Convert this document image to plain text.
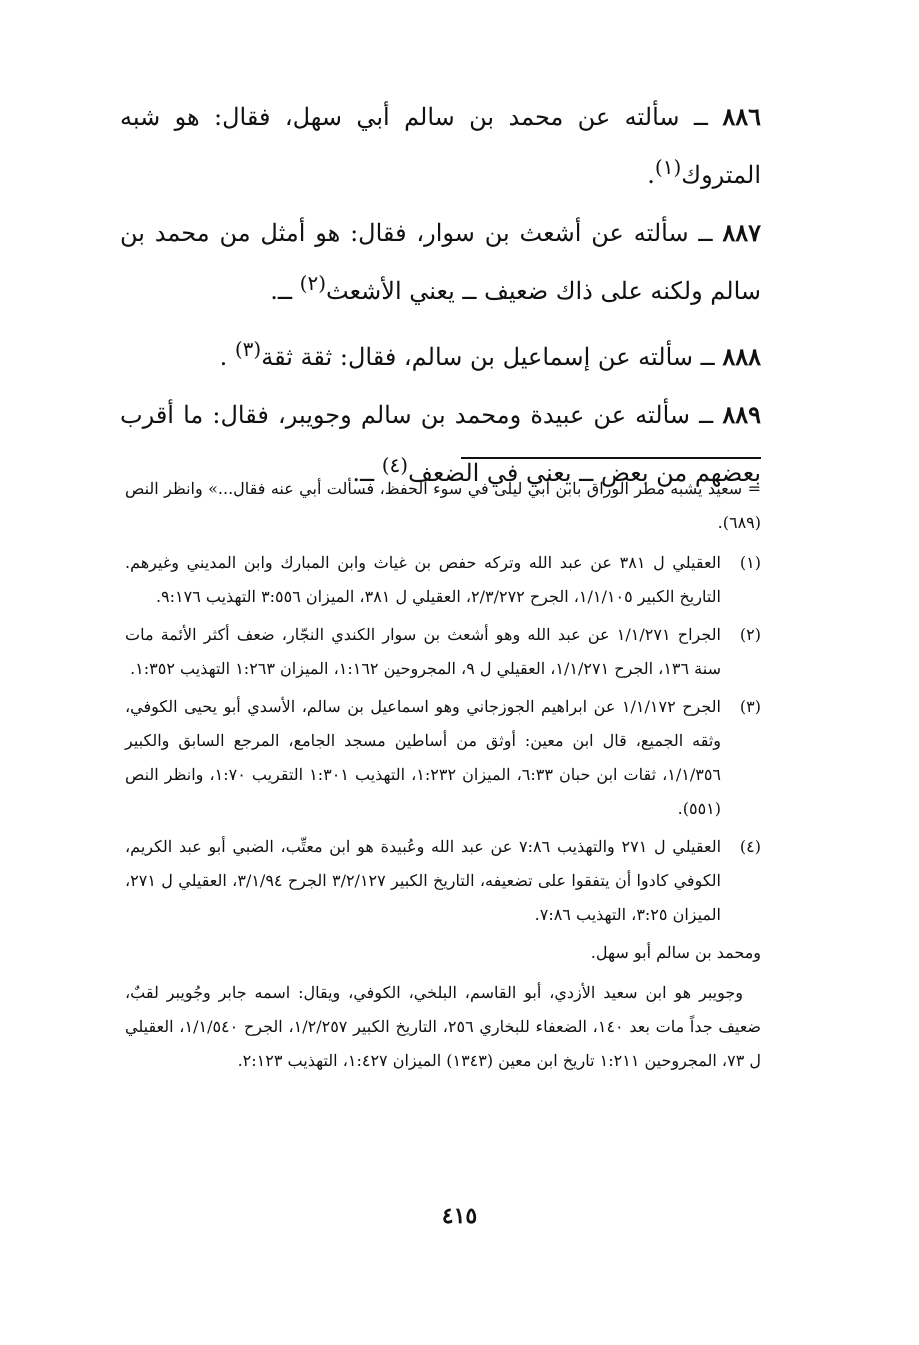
٨٨٦ ــ سألته عن محمد بن سالم أبي سهل، فقال: هو شبه المتروك$^{(١)}$.

٨٨٧ ــ سألته عن أشعث بن سوار، فقال: هو أمثل من محمد بن سالم ولكنه على ذاك ضعيف ــ يعني الأشعث$^{(٢)}$ ــ.

٨٨٨ ــ سألته عن إسماعيل بن سالم، فقال: ثقة ثقة$^{(٣)}$ .

٨٨٩ ــ سألته عن عبيدة ومحمد بن سالم وجويبر، فقال: ما أقرب بعضهم من بعض ــ يعني في الضعف$^{(٤)}$ ــ.

= سعيد يشبه مطر الوراق بابن أبي ليلى في سوء الحفظ، فسألت أبي عنه فقال...» وانظر النص (٦٨٩).

(١)
العقيلي ل ٣٨١ عن عبد الله وتركه حفص بن غياث وابن المبارك وابن المديني وغيرهم. التاريخ الكبير ١/١/١٠٥، الجرح ٢/٣/٢٧٢، العقيلي ل ٣٨١، الميزان ٣:٥٥٦ التهذيب ٩:١٧٦.
(٢)
الجراح ١/١/٢٧١ عن عبد الله وهو أشعث بن سوار الكندي النجّار، ضعف أكثر الأئمة مات سنة ١٣٦، الجرح ١/١/٢٧١، العقيلي ل ٩، المجروحين ١:١٦٢، الميزان ١:٢٦٣ التهذيب ١:٣٥٢.
(٣)
الجرح ١/١/١٧٢ عن ابراهيم الجوزجاني وهو اسماعيل بن سالم، الأسدي أبو يحيى الكوفي، وثقه الجميع، قال ابن معين: أوثق من أساطين مسجد الجامع، المرجع السابق والكبير ١/١/٣٥٦، ثقات ابن حبان ٦:٣٣، الميزان ١:٢٣٢، التهذيب ١:٣٠١ التقريب ١:٧٠، وانظر النص (٥٥١).
(٤)
العقيلي ل ٢٧١ والتهذيب ٧:٨٦ عن عبد الله وعُبيدة هو ابن معتِّب، الضبي أبو عبد الكريم، الكوفي كادوا أن يتفقوا على تضعيفه، التاريخ الكبير ٣/٢/١٢٧ الجرح ٣/١/٩٤، العقيلي ل ٢٧١، الميزان ٣:٢٥، التهذيب ٧:٨٦.

ومحمد بن سالم أبو سهل.

وجويبر هو ابن سعيد الأزدي، أبو القاسم، البلخي، الكوفي، ويقال: اسمه جابر وجُويبر لقبٌ، ضعيف جداً مات بعد ١٤٠، الضعفاء للبخاري ٢٥٦، التاريخ الكبير ١/٢/٢٥٧، الجرح ١/١/٥٤٠، العقيلي ل ٧٣، المجروحين ١:٢١١ تاريخ ابن معين (١٣٤٣) الميزان ١:٤٢٧، التهذيب ٢:١٢٣.

٤١٥
